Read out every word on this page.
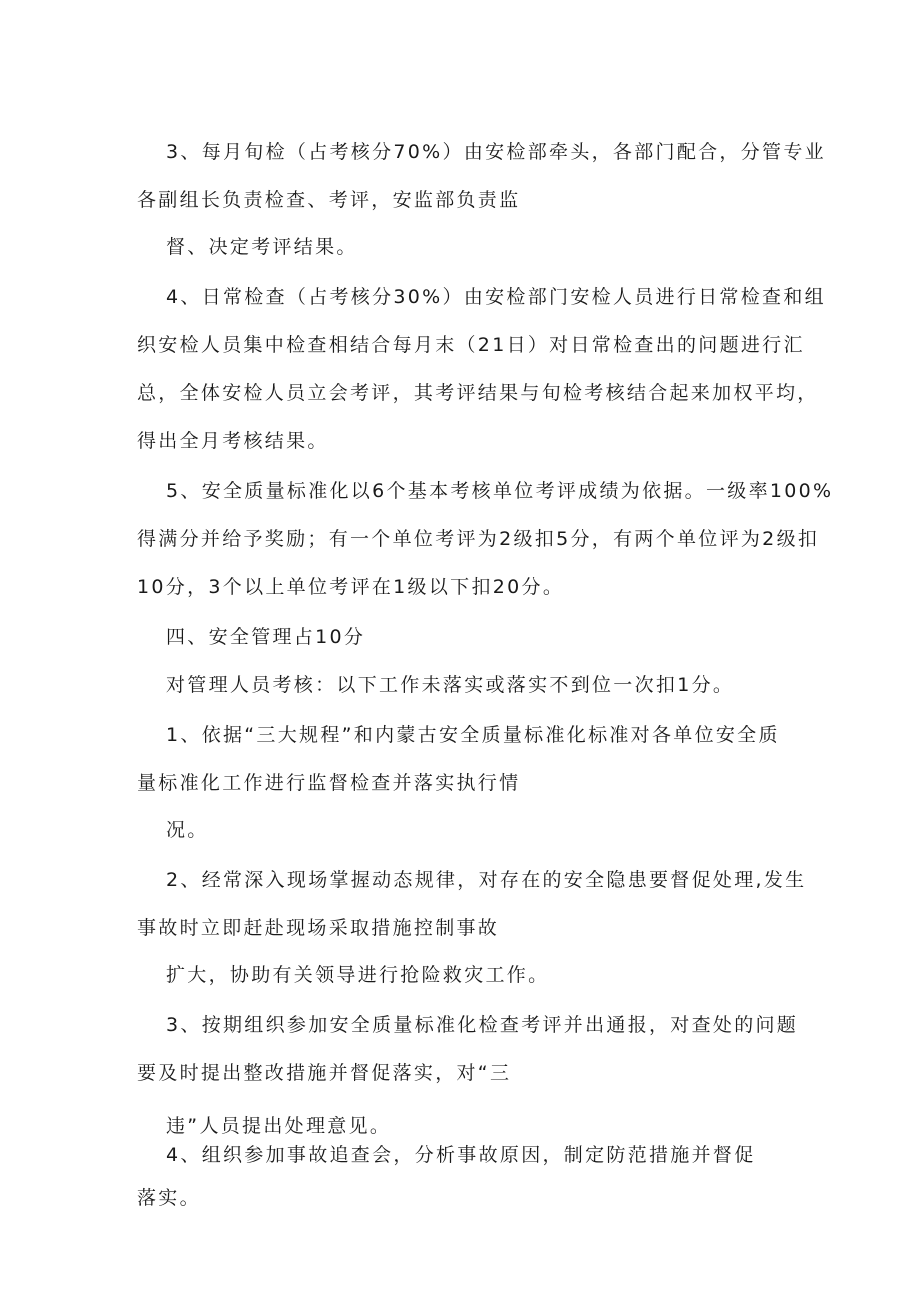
3、每月旬检（占考核分70%）由安检部牵头，各部门配合，分管专业

各副组长负责检查、考评，安监部负责监

督、决定考评结果。

4、日常检查（占考核分30%）由安检部门安检人员进行日常检查和组

织安检人员集中检查相结合每月末（21日）对日常检查出的问题进行汇

总，全体安检人员立会考评，其考评结果与旬检考核结合起来加权平均，

得出全月考核结果。

5、安全质量标准化以6个基本考核单位考评成绩为依据。一级率100%

得满分并给予奖励；有一个单位考评为2级扣5分，有两个单位评为2级扣

10分，3个以上单位考评在1级以下扣20分。

四、安全管理占10分

对管理人员考核：以下工作未落实或落实不到位一次扣1分。

1、依据“三大规程”和内蒙古安全质量标准化标准对各单位安全质

量标准化工作进行监督检查并落实执行情

况。

2、经常深入现场掌握动态规律，对存在的安全隐患要督促处理,发生

事故时立即赶赴现场采取措施控制事故

扩大，协助有关领导进行抢险救灾工作。

3、按期组织参加安全质量标准化检查考评并出通报，对查处的问题

要及时提出整改措施并督促落实，对“三

违”人员提出处理意见。

4、组织参加事故追查会，分析事故原因，制定防范措施并督促

落实。
